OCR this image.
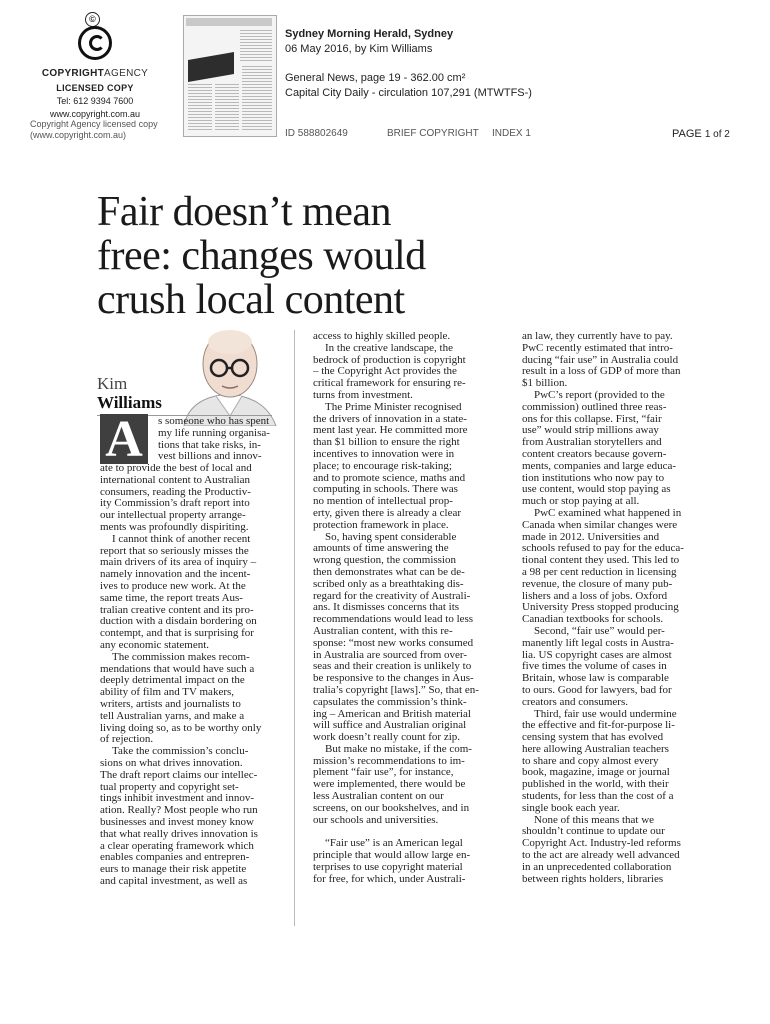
©
COPYRIGHTAGENCY
LICENSED COPY
Tel: 612 9394 7600
www.copyright.com.au
Copyright Agency licensed copy
(www.copyright.com.au)
Sydney Morning Herald, Sydney
06 May 2016, by Kim Williams
General News, page 19 - 362.00 cm²
Capital City Daily - circulation 107,291 (MTWTFS-)
ID 588802649	BRIEF COPYRIGHT INDEX 1	PAGE 1 of 2
Fair doesn’t mean
free: changes would
crush local content
Kim
Williams
A	s someone who has spent
my life running organisa-
tions that take risks, in-
vest billions and innov-
ate to provide the best of local and
international content to Australian
consumers, reading the Productiv-
ity Commission’s draft report into
our intellectual property arrange-
ments was profoundly dispiriting.
I cannot think of another recent
report that so seriously misses the
main drivers of its area of inquiry –
namely innovation and the incent-
ives to produce new work. At the
same time, the report treats Aus-
tralian creative content and its pro-
duction with a disdain bordering on
contempt, and that is surprising for
any economic statement.
The commission makes recom-
mendations that would have such a
deeply detrimental impact on the
ability of film and TV makers,
writers, artists and journalists to
tell Australian yarns, and make a
living doing so, as to be worthy only
of rejection.
Take the commission’s conclu-
sions on what drives innovation.
The draft report claims our intellec-
tual property and copyright set-
tings inhibit investment and innov-
ation. Really? Most people who run
businesses and invest money know
that what really drives innovation is
a clear operating framework which
enables companies and entrepren-
eurs to manage their risk appetite
and capital investment, as well as
access to highly skilled people.
In the creative landscape, the
bedrock of production is copyright
– the Copyright Act provides the
critical framework for ensuring re-
turns from investment.
The Prime Minister recognised
the drivers of innovation in a state-
ment last year. He committed more
than $1 billion to ensure the right
incentives to innovation were in
place; to encourage risk-taking;
and to promote science, maths and
computing in schools. There was
no mention of intellectual prop-
erty, given there is already a clear
protection framework in place.
So, having spent considerable
amounts of time answering the
wrong question, the commission
then demonstrates what can be de-
scribed only as a breathtaking dis-
regard for the creativity of Australi-
ans. It dismisses concerns that its
recommendations would lead to less
Australian content, with this re-
sponse: “most new works consumed
in Australia are sourced from over-
seas and their creation is unlikely to
be responsive to the changes in Aus-
tralia’s copyright [laws].” So, that en-
capsulates the commission’s think-
ing – American and British material
will suffice and Australian original
work doesn’t really count for zip.
But make no mistake, if the com-
mission’s recommendations to im-
plement “fair use”, for instance,
were implemented, there would be
less Australian content on our
screens, on our bookshelves, and in
our schools and universities.
“Fair use” is an American legal
principle that would allow large en-
terprises to use copyright material
for free, for which, under Australi-
an law, they currently have to pay.
PwC recently estimated that intro-
ducing “fair use” in Australia could
result in a loss of GDP of more than
$1 billion.
PwC’s report (provided to the
commission) outlined three reas-
ons for this collapse. First, “fair
use” would strip millions away
from Australian storytellers and
content creators because govern-
ments, companies and large educa-
tion institutions who now pay to
use content, would stop paying as
much or stop paying at all.
PwC examined what happened in
Canada when similar changes were
made in 2012. Universities and
schools refused to pay for the educa-
tional content they used. This led to
a 98 per cent reduction in licensing
revenue, the closure of many pub-
lishers and a loss of jobs. Oxford
University Press stopped producing
Canadian textbooks for schools.
Second, “fair use” would per-
manently lift legal costs in Austra-
lia. US copyright cases are almost
five times the volume of cases in
Britain, whose law is comparable
to ours. Good for lawyers, bad for
creators and consumers.
Third, fair use would undermine
the effective and fit-for-purpose li-
censing system that has evolved
here allowing Australian teachers
to share and copy almost every
book, magazine, image or journal
published in the world, with their
students, for less than the cost of a
single book each year.
None of this means that we
shouldn’t continue to update our
Copyright Act. Industry-led reforms
to the act are already well advanced
in an unprecedented collaboration
between rights holders, libraries
